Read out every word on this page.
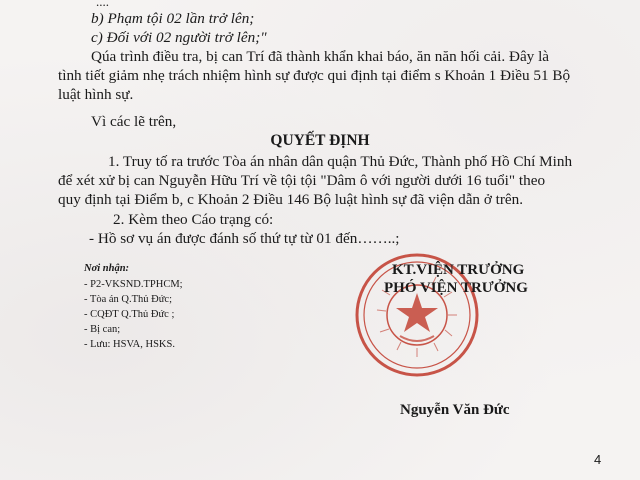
....
b) Phạm tội 02 lần trở lên;
c) Đối với 02 người trở lên;"
Qúa trình điều tra, bị can Trí đã thành khẩn khai báo, ăn năn hối cải. Đây là
tình tiết giảm nhẹ trách nhiệm hình sự được qui định tại điểm s Khoản 1 Điều 51 Bộ
luật hình sự.
Vì các lẽ trên,
QUYẾT ĐỊNH
1. Truy tố ra trước Tòa án nhân dân quận Thủ Đức, Thành phố Hồ Chí Minh
để xét xử bị can Nguyễn Hữu Trí về tội tội "Dâm ô với người dưới 16 tuổi" theo
quy định tại Điểm b, c Khoản 2 Điều 146 Bộ luật hình sự đã viện dẫn ở trên.
2. Kèm theo Cáo trạng có:
- Hồ sơ vụ án được đánh số thứ tự từ 01 đến……..;
Nơi nhận:
- P2-VKSND.TPHCM;
- Tòa án Q.Thủ Đức;
- CQĐT Q.Thủ Đức ;
- Bị can;
- Lưu: HSVA, HSKS.
KT.VIỆN TRƯỞNG
PHÓ VIỆN TRƯỞNG
Nguyễn Văn Đức
4
